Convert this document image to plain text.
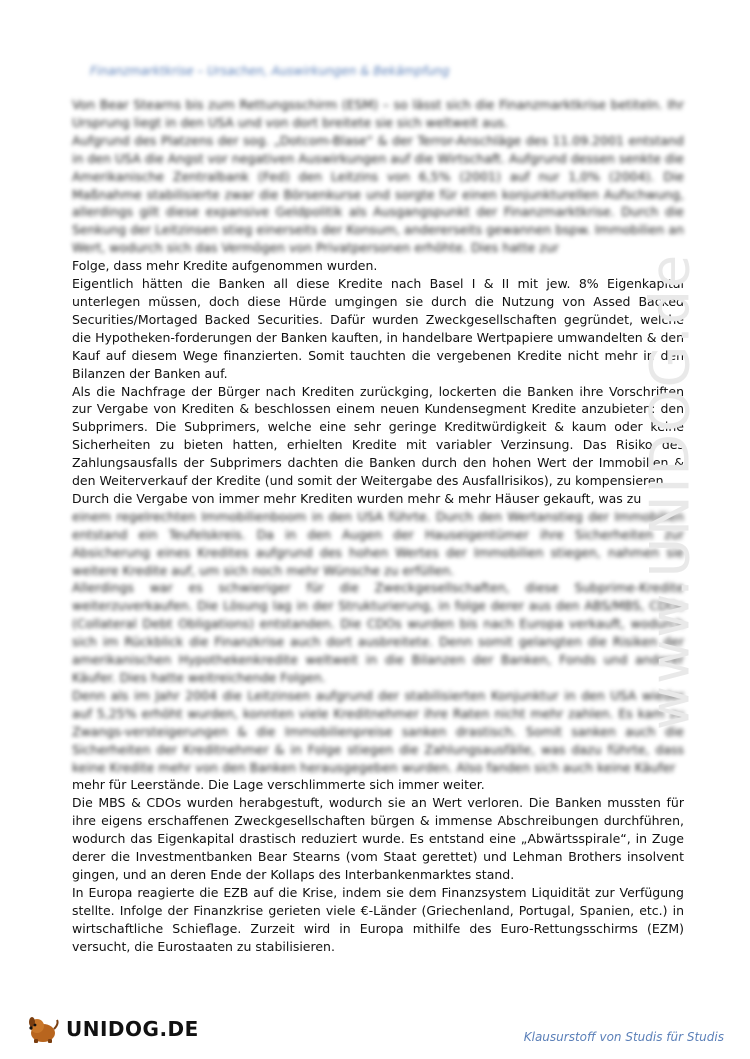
Finanzmarktkrise – Ursachen, Auswirkungen & Bekämpfung

Von Bear Stearns bis zum Rettungsschirm (ESM) – so lässt sich die Finanzmarktkrise betiteln. Ihr Ursprung liegt in den USA und von dort breitete sie sich weltweit aus.

Aufgrund des Platzens der sog. „Dotcom-Blase“ & der Terror-Anschläge des 11.09.2001 entstand in den USA die Angst vor negativen Auswirkungen auf die Wirtschaft. Aufgrund dessen senkte die Amerikanische Zentralbank (Fed) den Leitzins von 6,5% (2001) auf nur 1,0% (2004). Die Maßnahme stabilisierte zwar die Börsenkurse und sorgte für einen konjunkturellen Aufschwung, allerdings gilt diese expansive Geldpolitik als Ausgangspunkt der Finanzmarktkrise. Durch die Senkung der Leitzinsen stieg einerseits der Konsum, andererseits gewannen bspw. Immobilien an Wert, wodurch sich das Vermögen von Privatpersonen erhöhte. Dies hatte zur

Folge, dass mehr Kredite aufgenommen wurden.

Eigentlich hätten die Banken all diese Kredite nach Basel I & II mit jew. 8% Eigenkapital unterlegen müssen, doch diese Hürde umgingen sie durch die Nutzung von Assed Backed Securities/Mortaged Backed Securities. Dafür wurden Zweckgesellschaften gegründet, welche die Hypotheken-forderungen der Banken kauften, in handelbare Wertpapiere umwandelten & den Kauf auf diesem Wege finanzierten. Somit tauchten die vergebenen Kredite nicht mehr in den Bilanzen der Banken auf.

Als die Nachfrage der Bürger nach Krediten zurückging, lockerten die Banken ihre Vorschriften zur Vergabe von Krediten & beschlossen einem neuen Kundensegment Kredite anzubieten: den Subprimers. Die Subprimers, welche eine sehr geringe Kreditwürdigkeit & kaum oder keine Sicherheiten zu bieten hatten, erhielten Kredite mit variabler Verzinsung. Das Risiko des Zahlungsausfalls der Subprimers dachten die Banken durch den hohen Wert der Immobilien & den Weiterverkauf der Kredite (und somit der Weitergabe des Ausfallrisikos), zu kompensieren.

Durch die Vergabe von immer mehr Krediten wurden mehr & mehr Häuser gekauft, was zu

einem regelrechten Immobilienboom in den USA führte. Durch den Wertanstieg der Immobilien entstand ein Teufelskreis. Da in den Augen der Hauseigentümer ihre Sicherheiten zur Absicherung eines Kredites aufgrund des hohen Wertes der Immobilien stiegen, nahmen sie weitere Kredite auf, um sich noch mehr Wünsche zu erfüllen.

Allerdings war es schwieriger für die Zweckgesellschaften, diese Subprime-Kredite weiterzuverkaufen. Die Lösung lag in der Strukturierung, in folge derer aus den ABS/MBS, CDOs (Collateral Debt Obligations) entstanden. Die CDOs wurden bis nach Europa verkauft, wodurch sich im Rückblick die Finanzkrise auch dort ausbreitete. Denn somit gelangten die Risiken der amerikanischen Hypothekenkredite weltweit in die Bilanzen der Banken, Fonds und anderer Käufer. Dies hatte weitreichende Folgen.

Denn als im Jahr 2004 die Leitzinsen aufgrund der stabilisierten Konjunktur in den USA wieder auf 5,25% erhöht wurden, konnten viele Kreditnehmer ihre Raten nicht mehr zahlen. Es kam zu Zwangs-versteigerungen & die Immobilienpreise sanken drastisch. Somit sanken auch die Sicherheiten der Kreditnehmer & in Folge stiegen die Zahlungsausfälle, was dazu führte, dass keine Kredite mehr von den Banken herausgegeben wurden. Also fanden sich auch keine Käufer

mehr für Leerstände. Die Lage verschlimmerte sich immer weiter.

Die MBS & CDOs wurden herabgestuft, wodurch sie an Wert verloren. Die Banken mussten für ihre eigens erschaffenen Zweckgesellschaften bürgen & immense Abschreibungen durchführen, wodurch das Eigenkapital drastisch reduziert wurde. Es entstand eine „Abwärtsspirale“, in Zuge derer die Investmentbanken Bear Stearns (vom Staat gerettet) und Lehman Brothers insolvent gingen, und an deren Ende der Kollaps des Interbankenmarktes stand.

In Europa reagierte die EZB auf die Krise, indem sie dem Finanzsystem Liquidität zur Verfügung stellte. Infolge der Finanzkrise gerieten viele €-Länder (Griechenland, Portugal, Spanien, etc.) in wirtschaftliche Schieflage. Zurzeit wird in Europa mithilfe des Euro-Rettungsschirms (EZM) versucht, die Eurostaaten zu stabilisieren.

www.UNIDOG.de
UNIDOG.DE	Klausurstoff von Studis für Studis
